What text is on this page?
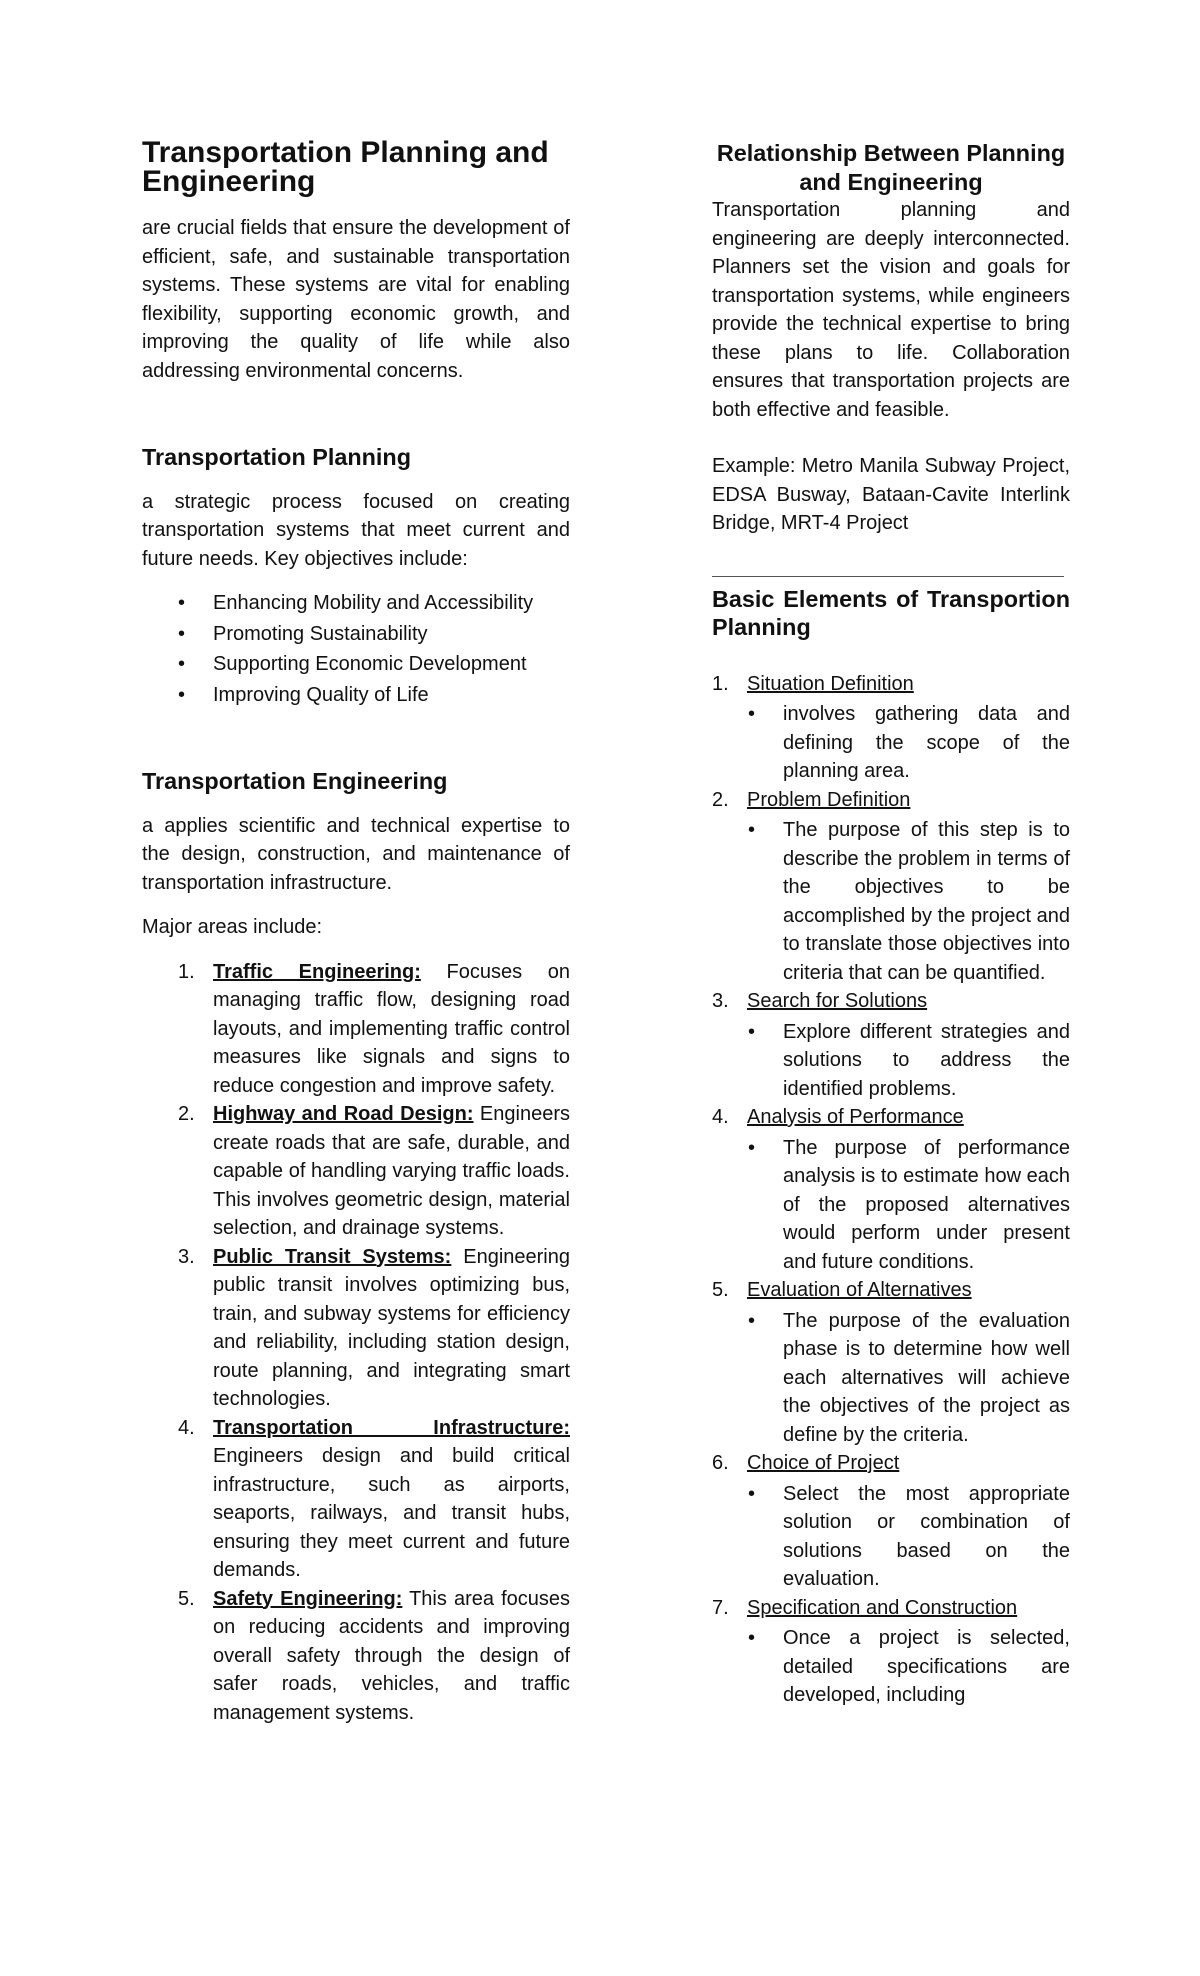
Transportation Planning and Engineering

are crucial fields that ensure the development of efficient, safe, and sustainable transportation systems. These systems are vital for enabling flexibility, supporting economic growth, and improving the quality of life while also addressing environmental concerns.

Transportation Planning

a strategic process focused on creating transportation systems that meet current and future needs. Key objectives include:

• Enhancing Mobility and Accessibility
• Promoting Sustainability
• Supporting Economic Development
• Improving Quality of Life
Transportation Engineering

a applies scientific and technical expertise to the design, construction, and maintenance of transportation infrastructure.

Major areas include:

1. Traffic Engineering: Focuses on managing traffic flow, designing road layouts, and implementing traffic control measures like signals and signs to reduce congestion and improve safety.
2. Highway and Road Design: Engineers create roads that are safe, durable, and capable of handling varying traffic loads. This involves geometric design, material selection, and drainage systems.
3. Public Transit Systems: Engineering public transit involves optimizing bus, train, and subway systems for efficiency and reliability, including station design, route planning, and integrating smart technologies.
4. Transportation Infrastructure: Engineers design and build critical infrastructure, such as airports, seaports, railways, and transit hubs, ensuring they meet current and future demands.
5. Safety Engineering: This area focuses on reducing accidents and improving overall safety through the design of safer roads, vehicles, and traffic management systems.
Relationship Between Planning and Engineering

Transportation planning and engineering are deeply interconnected. Planners set the vision and goals for transportation systems, while engineers provide the technical expertise to bring these plans to life. Collaboration ensures that transportation projects are both effective and feasible.

Example: Metro Manila Subway Project, EDSA Busway, Bataan-Cavite Interlink Bridge, MRT-4 Project

Basic Elements of Transportion Planning
1. Situation Definition
• involves gathering data and defining the scope of the planning area.
2. Problem Definition
• The purpose of this step is to describe the problem in terms of the objectives to be accomplished by the project and to translate those objectives into criteria that can be quantified.
3. Search for Solutions
• Explore different strategies and solutions to address the identified problems.
4. Analysis of Performance
• The purpose of performance analysis is to estimate how each of the proposed alternatives would perform under present and future conditions.
5. Evaluation of Alternatives
• The purpose of the evaluation phase is to determine how well each alternatives will achieve the objectives of the project as define by the criteria.
6. Choice of Project
• Select the most appropriate solution or combination of solutions based on the evaluation.
7. Specification and Construction
• Once a project is selected, detailed specifications are developed, including
